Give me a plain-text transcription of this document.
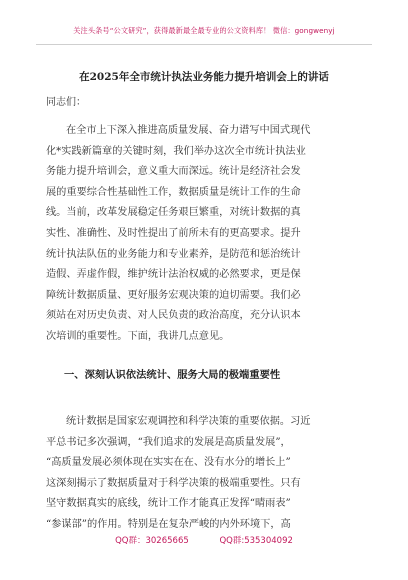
关注头条号“公文研究”，获得最新最全最专业的公文资料库！ 微信：gongwenyj
在2025年全市统计执法业务能力提升培训会上的讲话
同志们：
在全市上下深入推进高质量发展、奋力谱写中国式现代
化*实践新篇章的关键时刻，我们举办这次全市统计执法业
务能力提升培训会，意义重大而深远。统计是经济社会发
展的重要综合性基础性工作，数据质量是统计工作的生命
线。当前，改革发展稳定任务艰巨繁重，对统计数据的真
实性、准确性、及时性提出了前所未有的更高要求。提升
统计执法队伍的业务能力和专业素养，是防范和惩治统计
造假、弄虚作假，维护统计法治权威的必然要求，更是保
障统计数据质量、更好服务宏观决策的迫切需要。我们必
须站在对历史负责、对人民负责的政治高度，充分认识本
次培训的重要性。下面，我讲几点意见。
一、深刻认识依法统计、服务大局的极端重要性
统计数据是国家宏观调控和科学决策的重要依据。习近
平总书记多次强调，“我们追求的发展是高质量发展”，
“高质量发展必须体现在实实在在、没有水分的增长上”
这深刻揭示了数据质量对于科学决策的极端重要性。只有
坚守数据真实的底线，统计工作才能真正发挥“晴雨表”
“参谋部”的作用。特别是在复杂严峻的内外环境下，高
QQ群：30265665	QQ群:535304092
